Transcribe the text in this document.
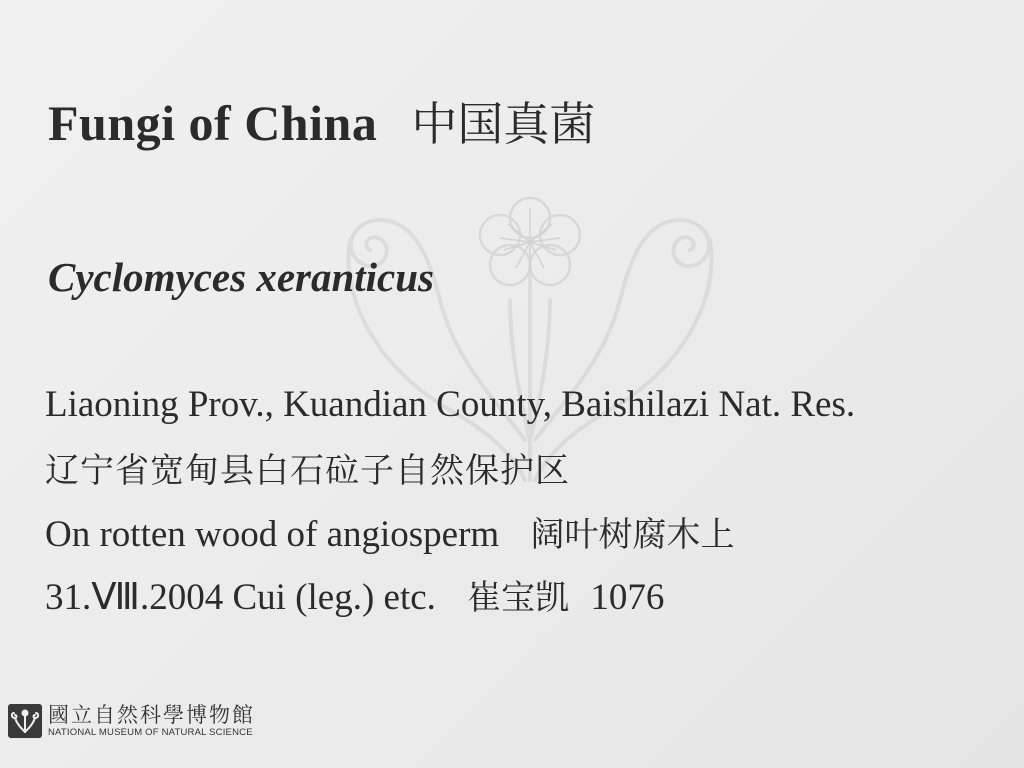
Fungi of China 中国真菌
Cyclomyces xeranticus
Liaoning Prov., Kuandian County, Baishilazi Nat. Res.
辽宁省宽甸县白石砬子自然保护区
On rotten wood of angiosperm 阔叶树腐木上
31.Ⅷ.2004 Cui (leg.) etc. 崔宝凯 1076
國立自然科學博物館
NATIONAL MUSEUM OF NATURAL SCIENCE
